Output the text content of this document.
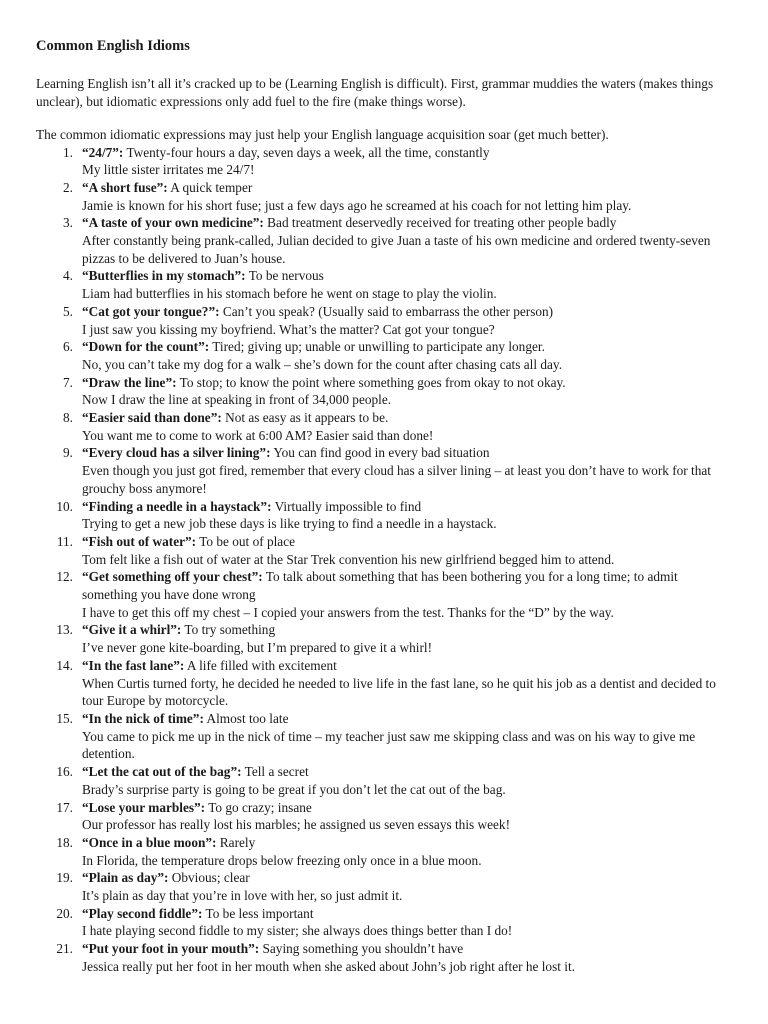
Common English Idioms

Learning English isn’t all it’s cracked up to be (Learning English is difficult). First, grammar muddies the waters (makes things unclear), but idiomatic expressions only add fuel to the fire (make things worse).

The common idiomatic expressions may just help your English language acquisition soar (get much better).

1. “24/7”: Twenty-four hours a day, seven days a week, all the time, constantly
My little sister irritates me 24/7!
2. “A short fuse”: A quick temper
Jamie is known for his short fuse; just a few days ago he screamed at his coach for not letting him play.
3. “A taste of your own medicine”: Bad treatment deservedly received for treating other people badly
After constantly being prank-called, Julian decided to give Juan a taste of his own medicine and ordered twenty-seven pizzas to be delivered to Juan’s house.
4. “Butterflies in my stomach”: To be nervous
Liam had butterflies in his stomach before he went on stage to play the violin.
5. “Cat got your tongue?”: Can’t you speak? (Usually said to embarrass the other person)
I just saw you kissing my boyfriend. What’s the matter? Cat got your tongue?
6. “Down for the count”: Tired; giving up; unable or unwilling to participate any longer.
No, you can’t take my dog for a walk – she’s down for the count after chasing cats all day.
7. “Draw the line”: To stop; to know the point where something goes from okay to not okay.
Now I draw the line at speaking in front of 34,000 people.
8. “Easier said than done”: Not as easy as it appears to be.
You want me to come to work at 6:00 AM? Easier said than done!
9. “Every cloud has a silver lining”: You can find good in every bad situation
Even though you just got fired, remember that every cloud has a silver lining – at least you don’t have to work for that grouchy boss anymore!
10. “Finding a needle in a haystack”: Virtually impossible to find
Trying to get a new job these days is like trying to find a needle in a haystack.
11. “Fish out of water”: To be out of place
Tom felt like a fish out of water at the Star Trek convention his new girlfriend begged him to attend.
12. “Get something off your chest”: To talk about something that has been bothering you for a long time; to admit something you have done wrong
I have to get this off my chest – I copied your answers from the test. Thanks for the “D” by the way.
13. “Give it a whirl”: To try something
I’ve never gone kite-boarding, but I’m prepared to give it a whirl!
14. “In the fast lane”: A life filled with excitement
When Curtis turned forty, he decided he needed to live life in the fast lane, so he quit his job as a dentist and decided to tour Europe by motorcycle.
15. “In the nick of time”: Almost too late
You came to pick me up in the nick of time – my teacher just saw me skipping class and was on his way to give me detention.
16. “Let the cat out of the bag”: Tell a secret
Brady’s surprise party is going to be great if you don’t let the cat out of the bag.
17. “Lose your marbles”: To go crazy; insane
Our professor has really lost his marbles; he assigned us seven essays this week!
18. “Once in a blue moon”: Rarely
In Florida, the temperature drops below freezing only once in a blue moon.
19. “Plain as day”: Obvious; clear
It’s plain as day that you’re in love with her, so just admit it.
20. “Play second fiddle”: To be less important
I hate playing second fiddle to my sister; she always does things better than I do!
21. “Put your foot in your mouth”: Saying something you shouldn’t have
Jessica really put her foot in her mouth when she asked about John’s job right after he lost it.
